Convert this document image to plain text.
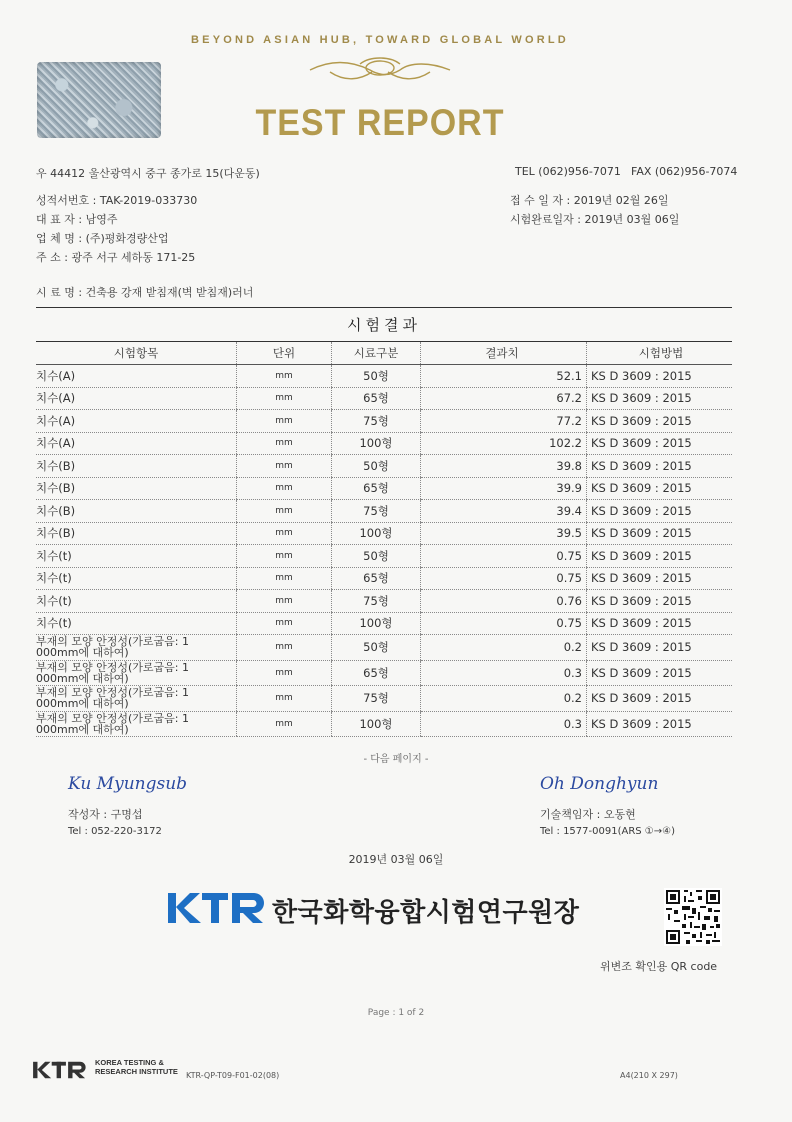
BEYOND ASIAN HUB, TOWARD GLOBAL WORLD
TEST REPORT
우 44412 울산광역시 중구 종가로 15(다운동)	TEL (062)956-7071 FAX (062)956-7074
성적서번호 : TAK-2019-033730
대 표 자 : 남영주
업 체 명 : (주)평화경량산업
주 소 : 광주 서구 세하동 171-25
접 수 일 자 : 2019년 02월 26일
시험완료일자 : 2019년 03월 06일
시 료 명 : 건축용 강재 받침재(벽 받침재)러너
시험결과
시험항목	단위	시료구분	결과치	시험방법
치수(A)	mm	50형	52.1	KS D 3609 : 2015
치수(A)	mm	65형	67.2	KS D 3609 : 2015
치수(A)	mm	75형	77.2	KS D 3609 : 2015
치수(A)	mm	100형	102.2	KS D 3609 : 2015
치수(B)	mm	50형	39.8	KS D 3609 : 2015
치수(B)	mm	65형	39.9	KS D 3609 : 2015
치수(B)	mm	75형	39.4	KS D 3609 : 2015
치수(B)	mm	100형	39.5	KS D 3609 : 2015
치수(t)	mm	50형	0.75	KS D 3609 : 2015
치수(t)	mm	65형	0.75	KS D 3609 : 2015
치수(t)	mm	75형	0.76	KS D 3609 : 2015
치수(t)	mm	100형	0.75	KS D 3609 : 2015

부재의 모양 안정성(가로굽음: 1
000mm에 대하여)	mm	50형	0.2	KS D 3609 : 2015

부재의 모양 안정성(가로굽음: 1
000mm에 대하여)	mm	65형	0.3	KS D 3609 : 2015

부재의 모양 안정성(가로굽음: 1
000mm에 대하여)	mm	75형	0.2	KS D 3609 : 2015

부재의 모양 안정성(가로굽음: 1
000mm에 대하여)	mm	100형	0.3	KS D 3609 : 2015
- 다음 페이지 -
Ku Myungsub
작성자 : 구명섭
Tel : 052-220-3172
Oh Donghyun
기술책임자 : 오동현
Tel : 1577-0091(ARS ①→④)
2019년 03월 06일
한국화학융합시험연구원장
위변조 확인용 QR code
Page : 1 of 2
KOREA TESTING &
RESEARCH INSTITUTE KTR-QP-T09-F01-02(08)	A4(210 X 297)
